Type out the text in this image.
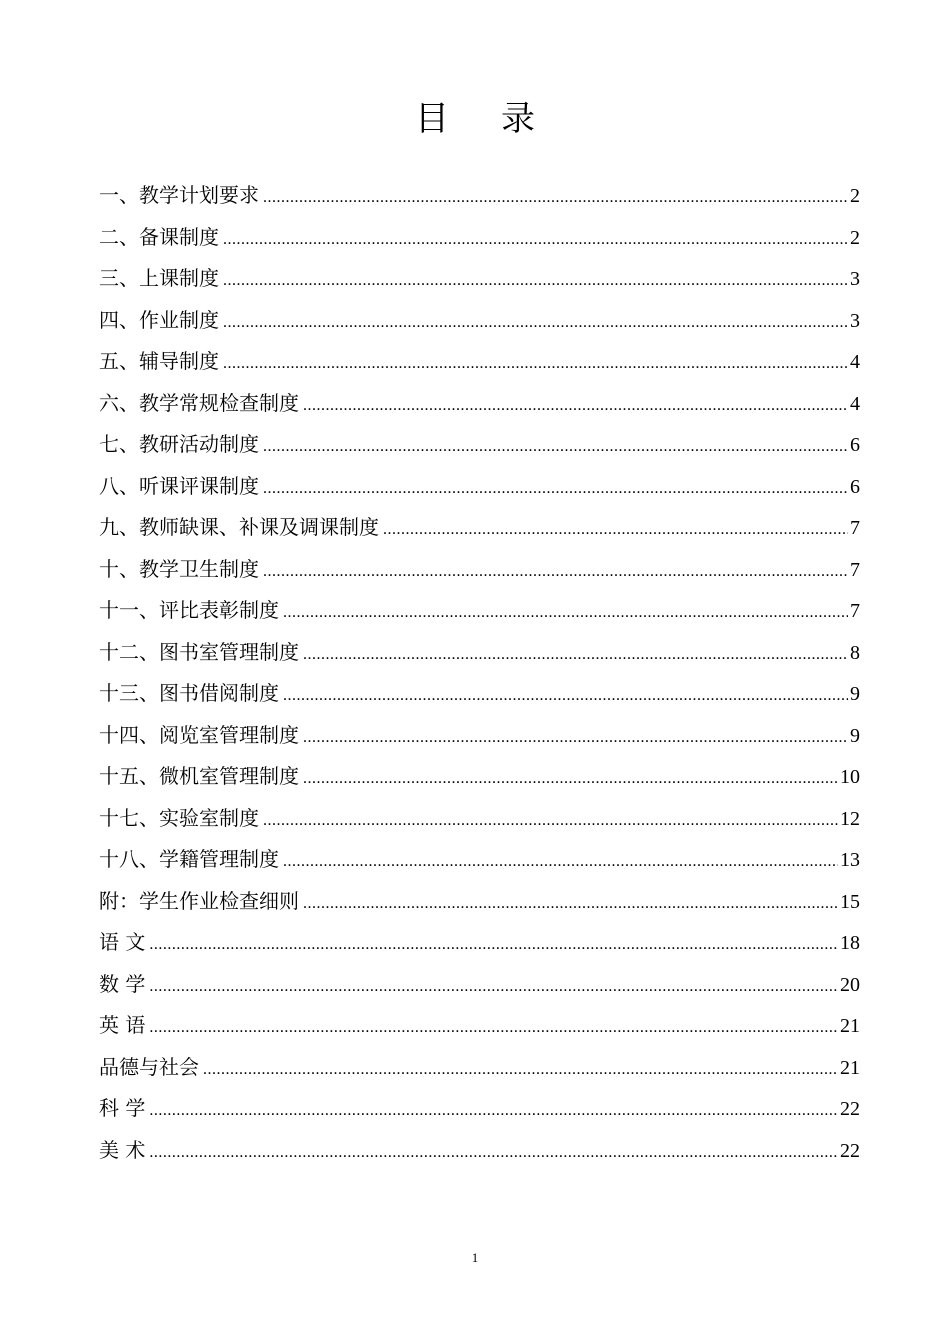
目录
一、教学计划要求 .....	2
二、备课制度 .....	2
三、上课制度 .....	3
四、作业制度 .....	3
五、辅导制度 .....	4
六、教学常规检查制度 .....	4
七、教研活动制度 .....	6
八、听课评课制度 .....	6
九、教师缺课、补课及调课制度 .....	7
十、教学卫生制度 .....	7
十一、评比表彰制度 .....	7
十二、图书室管理制度 .....	8
十三、图书借阅制度 .....	9
十四、阅览室管理制度 .....	9
十五、微机室管理制度 .....	10
十七、实验室制度 .....	12
十八、学籍管理制度 .....	13
附：学生作业检查细则 .....	15
语 文 .....	18
数 学 .....	20
英 语 .....	21
品德与社会 .....	21
科 学 .....	22
美 术 .....	22
1
